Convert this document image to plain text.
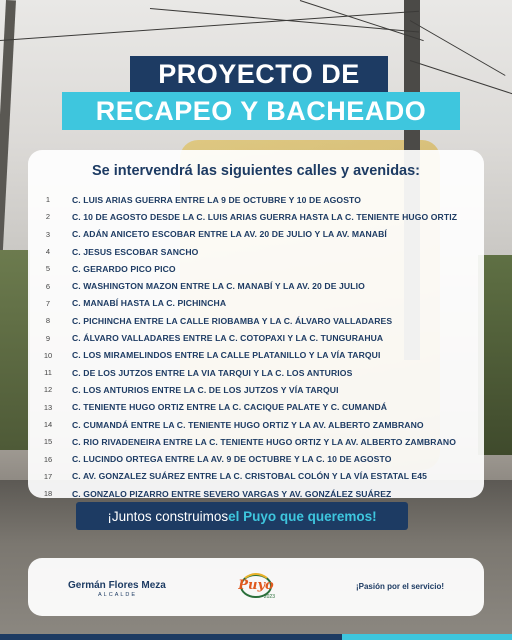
PROYECTO DE
RECAPEO Y BACHEADO
Se intervendrá las siguientes calles y avenidas:
1	C. LUIS ARIAS GUERRA ENTRE LA 9 DE OCTUBRE Y 10 DE AGOSTO
2	C. 10 DE AGOSTO DESDE LA C. LUIS ARIAS GUERRA HASTA LA C. TENIENTE HUGO ORTIZ
3	C. ADÁN ANICETO ESCOBAR ENTRE LA AV. 20 DE JULIO Y LA AV. MANABÍ
4	C. JESUS ESCOBAR SANCHO
5	C. GERARDO PICO PICO
6	C. WASHINGTON MAZON ENTRE LA C. MANABÍ Y LA AV. 20 DE JULIO
7	C. MANABÍ HASTA LA C. PICHINCHA
8	C. PICHINCHA ENTRE LA CALLE RIOBAMBA Y LA C. ÁLVARO VALLADARES
9	C. ÁLVARO VALLADARES ENTRE LA C. COTOPAXI Y LA C. TUNGURAHUA
10	C. LOS MIRAMELINDOS ENTRE LA CALLE PLATANILLO Y LA VÍA TARQUI
11	C. DE LOS JUTZOS ENTRE LA VIA TARQUI Y LA C. LOS ANTURIOS
12	C. LOS ANTURIOS ENTRE LA C. DE LOS JUTZOS Y VÍA TARQUI
13	C. TENIENTE HUGO ORTIZ ENTRE LA C. CACIQUE PALATE Y C. CUMANDÁ
14	C. CUMANDÁ ENTRE LA C. TENIENTE HUGO ORTIZ Y LA AV. ALBERTO ZAMBRANO
15	C. RIO RIVADENEIRA ENTRE LA C. TENIENTE HUGO ORTIZ Y LA AV. ALBERTO ZAMBRANO
16	C. LUCINDO ORTEGA ENTRE LA AV. 9 DE OCTUBRE Y LA C. 10 DE AGOSTO
17	C. AV. GONZALEZ SUÁREZ ENTRE LA C. CRISTOBAL COLÓN Y LA VÍA ESTATAL E45
18	C. GONZALO PIZARRO ENTRE SEVERO VARGAS Y AV. GONZÁLEZ SUÁREZ
¡Juntos construimos el Puyo que queremos!
Germán Flores Meza
ALCALDE
Puyo
2023
¡Pasión por el servicio!
